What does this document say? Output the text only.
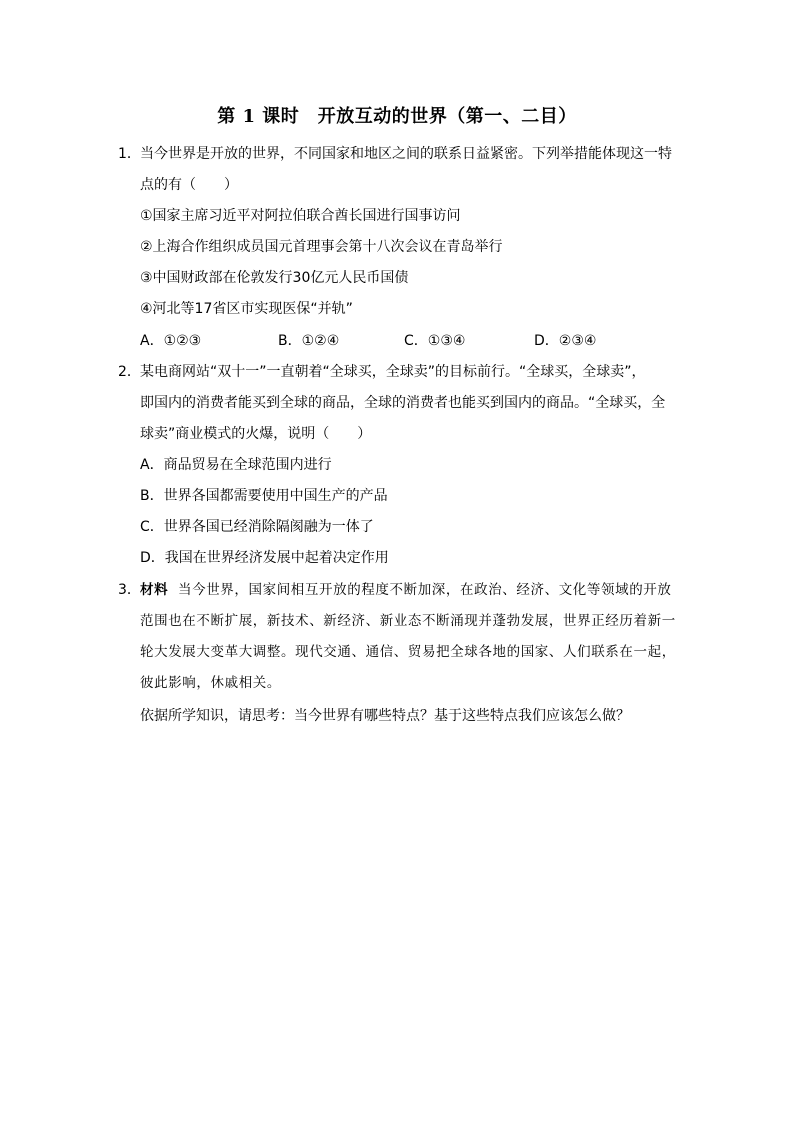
第 1 课时　开放互动的世界（第一、二目）
1．当今世界是开放的世界，不同国家和地区之间的联系日益紧密。下列举措能体现这一特
点的有（　　）
①国家主席习近平对阿拉伯联合酋长国进行国事访问
②上海合作组织成员国元首理事会第十八次会议在青岛举行
③中国财政部在伦敦发行30亿元人民币国债
④河北等17省区市实现医保“并轨”
A．①②③	B．①②④	C．①③④	D．②③④
2．某电商网站“双十一”一直朝着“全球买，全球卖”的目标前行。“全球买，全球卖”，
即国内的消费者能买到全球的商品，全球的消费者也能买到国内的商品。“全球买，全
球卖”商业模式的火爆，说明（　　）
A．商品贸易在全球范围内进行
B．世界各国都需要使用中国生产的产品
C．世界各国已经消除隔阂融为一体了
D．我国在世界经济发展中起着决定作用
3．材料 当今世界，国家间相互开放的程度不断加深，在政治、经济、文化等领域的开放
范围也在不断扩展，新技术、新经济、新业态不断涌现并蓬勃发展，世界正经历着新一
轮大发展大变革大调整。现代交通、通信、贸易把全球各地的国家、人们联系在一起，
彼此影响，休戚相关。
依据所学知识，请思考：当今世界有哪些特点？基于这些特点我们应该怎么做？
